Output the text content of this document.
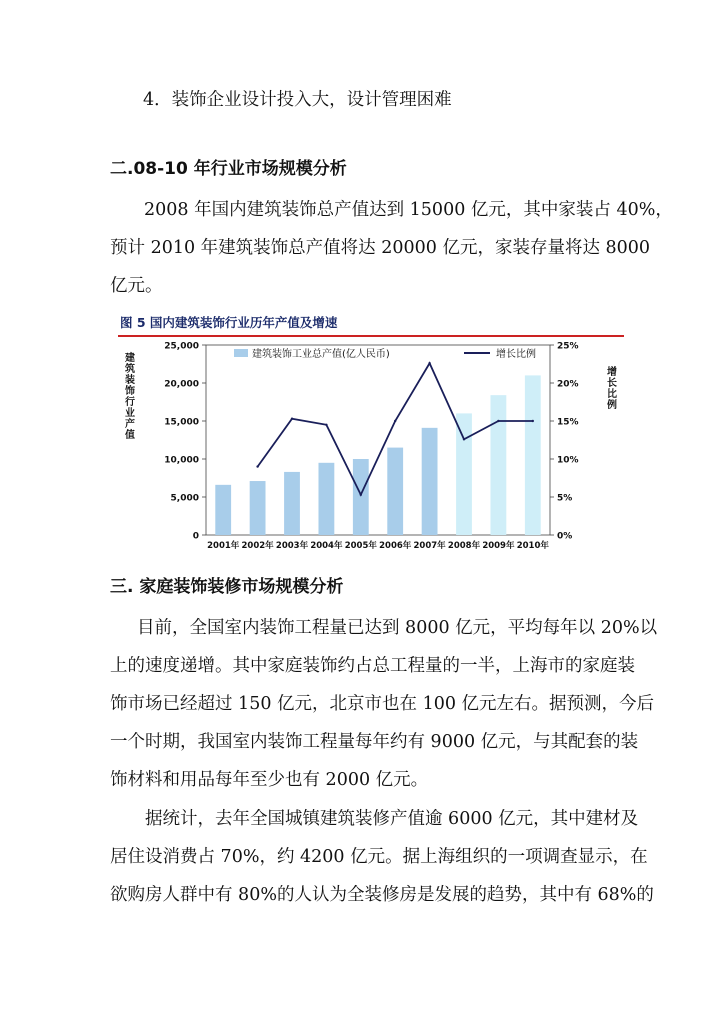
4．装饰企业设计投入大，设计管理困难
二.08-10 年行业市场规模分析
2008 年国内建筑装饰总产值达到 15000 亿元，其中家装占 40%，
预计 2010 年建筑装饰总产值将达 20000 亿元，家装存量将达 8000
亿元。
图 5 国内建筑装饰行业历年产值及增速
建
筑
装
饰
行
业
产
值
增
长
比
例
0
5,000
10,000
15,000
20,000
25,000
0%
5%
10%
15%
20%
25%
2001年 2002年 2003年 2004年 2005年 2006年 2007年 2008年 2009年 2010年
建筑装饰工业总产值(亿人民币)	增长比例
三. 家庭装饰装修市场规模分析
目前，全国室内装饰工程量已达到 8000 亿元，平均每年以 20%以
上的速度递增。其中家庭装饰约占总工程量的一半，上海市的家庭装
饰市场已经超过 150 亿元，北京市也在 100 亿元左右。据预测，今后
一个时期，我国室内装饰工程量每年约有 9000 亿元，与其配套的装
饰材料和用品每年至少也有 2000 亿元。
据统计，去年全国城镇建筑装修产值逾 6000 亿元，其中建材及
居住设消费占 70%，约 4200 亿元。据上海组织的一项调查显示，在
欲购房人群中有 80%的人认为全装修房是发展的趋势，其中有 68%的
